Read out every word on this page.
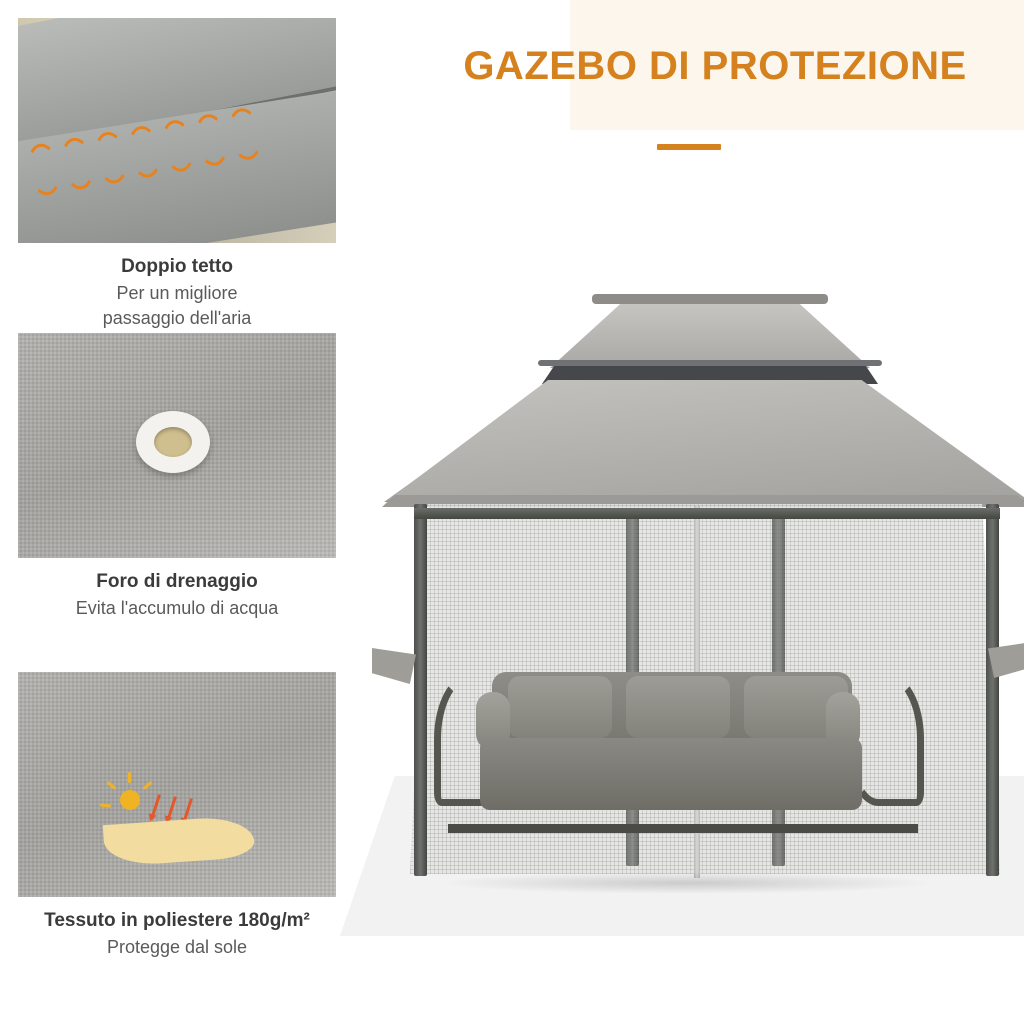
GAZEBO DI PROTEZIONE
Doppio tetto
Per un migliore
passaggio dell'aria
Foro di drenaggio
Evita l'accumulo di acqua
Tessuto in poliestere 180g/m²
Protegge dal sole
